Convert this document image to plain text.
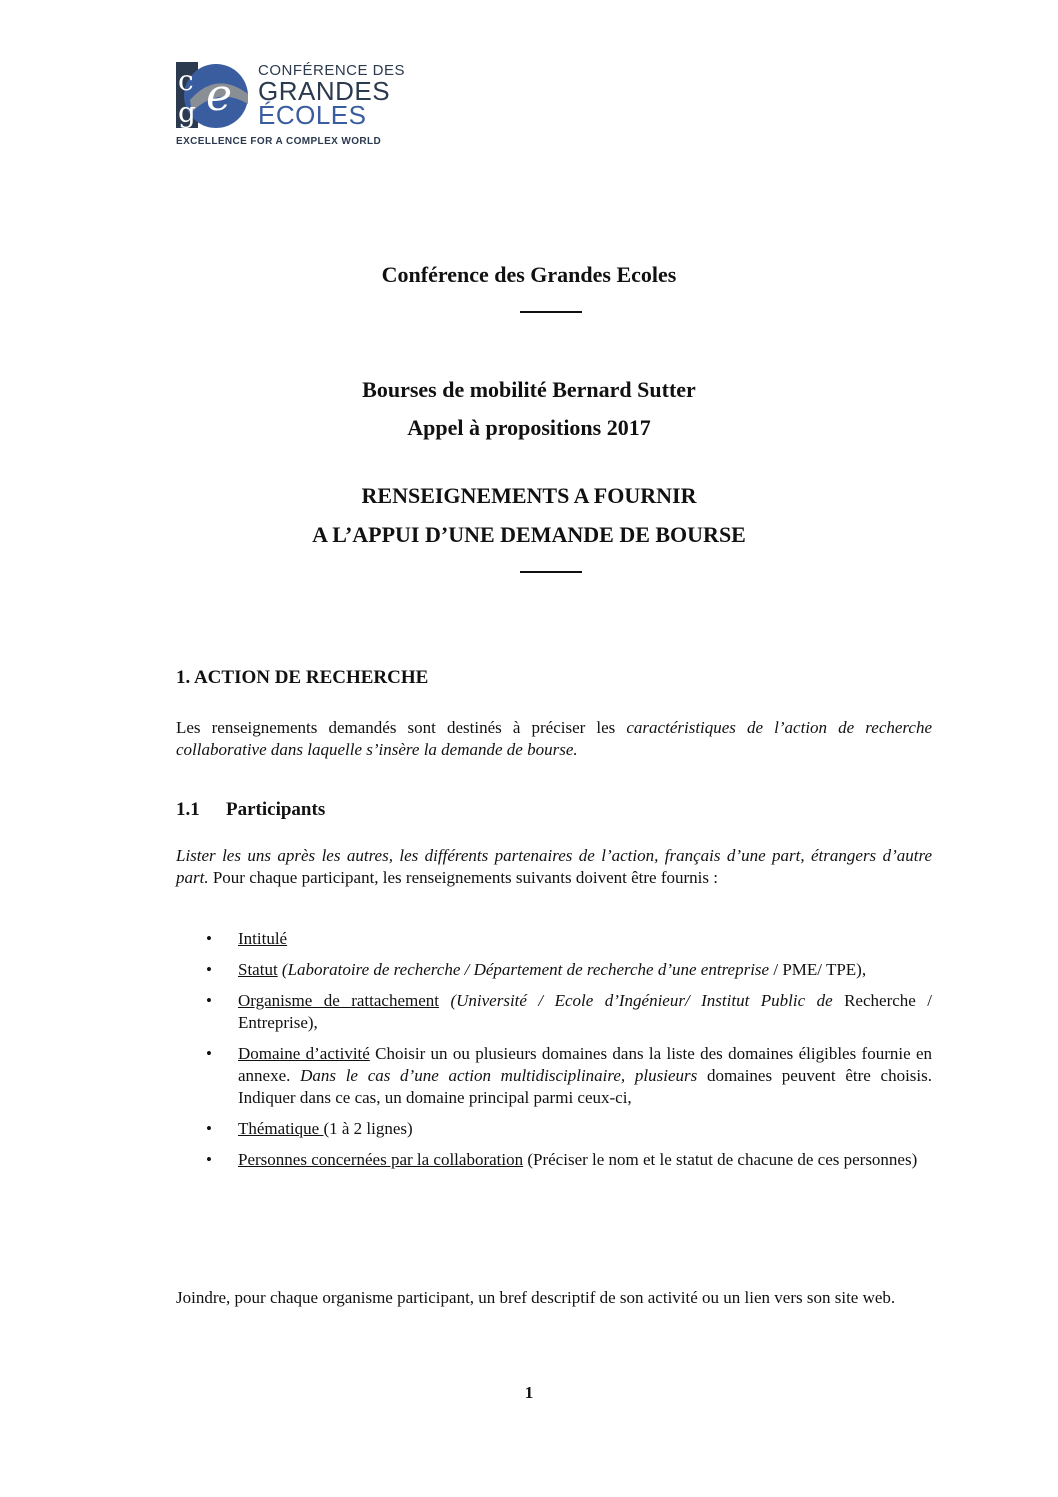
e
c
g
CONFÉRENCE DES
GRANDES
ÉCOLES
EXCELLENCE FOR A COMPLEX WORLD
Conférence des Grandes Ecoles
Bourses de mobilité Bernard Sutter
Appel à propositions 2017
RENSEIGNEMENTS A FOURNIR
A L’APPUI D’UNE DEMANDE DE BOURSE
1. ACTION DE RECHERCHE
Les renseignements demandés sont destinés à préciser les caractéristiques de l’action de recherche collaborative dans laquelle s’insère la demande de bourse.
1.1 Participants
Lister les uns après les autres, les différents partenaires de l’action, français d’une part, étrangers d’autre part. Pour chaque participant, les renseignements suivants doivent être fournis :
• Intitulé
• Statut (Laboratoire de recherche / Département de recherche d’une entreprise / PME/ TPE),
• Organisme de rattachement (Université / Ecole d’Ingénieur/ Institut Public de Recherche / Entreprise),
• Domaine d’activité Choisir un ou plusieurs domaines dans la liste des domaines éligibles fournie en annexe. Dans le cas d’une action multidisciplinaire, plusieurs domaines peuvent être choisis. Indiquer dans ce cas, un domaine principal parmi ceux-ci,
• Thématique (1 à 2 lignes)
• Personnes concernées par la collaboration (Préciser le nom et le statut de chacune de ces personnes)
Joindre, pour chaque organisme participant, un bref descriptif de son activité ou un lien vers son site web.
1
